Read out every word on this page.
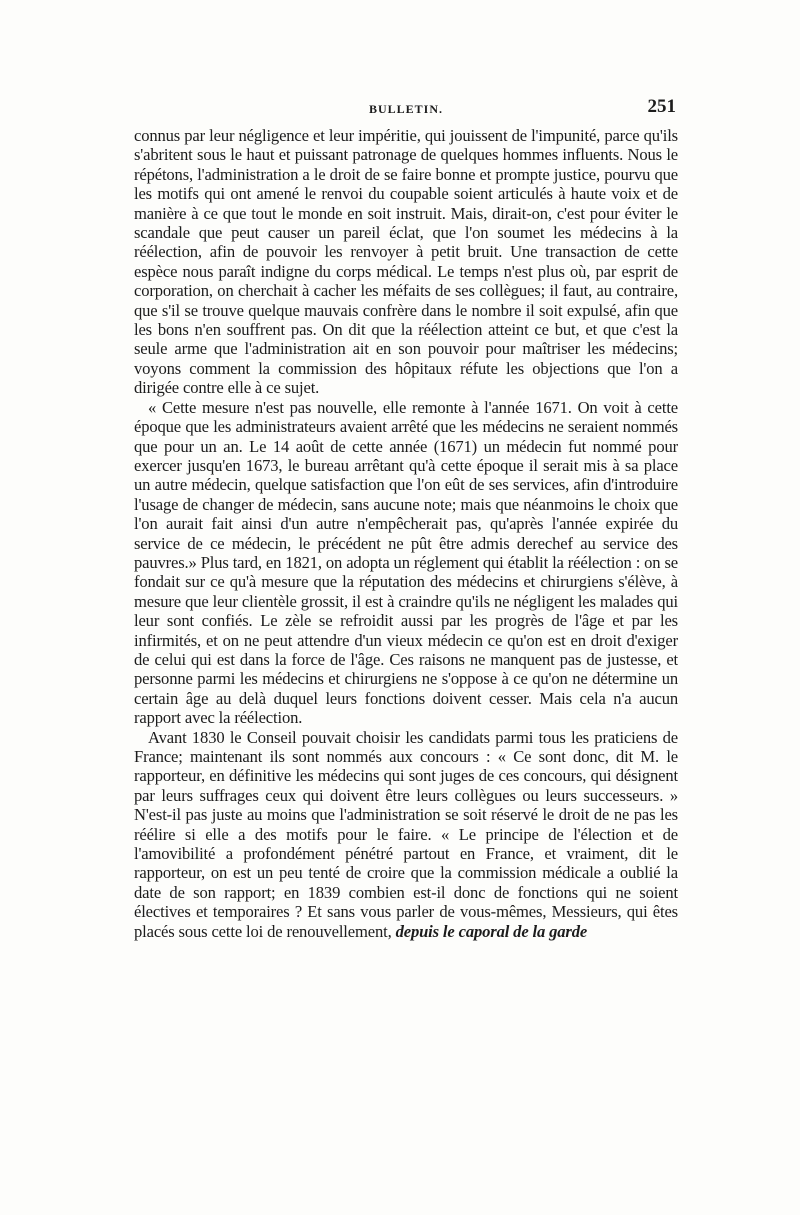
BULLETIN.	251

connus par leur négligence et leur impéritie, qui jouissent de l'impunité, parce qu'ils s'abritent sous le haut et puissant patronage de quelques hommes influents. Nous le répétons, l'administration a le droit de se faire bonne et prompte justice, pourvu que les motifs qui ont amené le renvoi du coupable soient articulés à haute voix et de manière à ce que tout le monde en soit instruit. Mais, dirait-on, c'est pour éviter le scandale que peut causer un pareil éclat, que l'on soumet les médecins à la réélection, afin de pouvoir les renvoyer à petit bruit. Une transaction de cette espèce nous paraît indigne du corps médical. Le temps n'est plus où, par esprit de corporation, on cherchait à cacher les méfaits de ses collègues; il faut, au contraire, que s'il se trouve quelque mauvais confrère dans le nombre il soit expulsé, afin que les bons n'en souffrent pas. On dit que la réélection atteint ce but, et que c'est la seule arme que l'administration ait en son pouvoir pour maîtriser les médecins; voyons comment la commission des hôpitaux réfute les objections que l'on a dirigée contre elle à ce sujet.

« Cette mesure n'est pas nouvelle, elle remonte à l'année 1671. On voit à cette époque que les administrateurs avaient arrêté que les médecins ne seraient nommés que pour un an. Le 14 août de cette année (1671) un médecin fut nommé pour exercer jusqu'en 1673, le bureau arrêtant qu'à cette époque il serait mis à sa place un autre médecin, quelque satisfaction que l'on eût de ses services, afin d'introduire l'usage de changer de médecin, sans aucune note; mais que néanmoins le choix que l'on aurait fait ainsi d'un autre n'empêcherait pas, qu'après l'année expirée du service de ce médecin, le précédent ne pût être admis derechef au service des pauvres.» Plus tard, en 1821, on adopta un réglement qui établit la réélection : on se fondait sur ce qu'à mesure que la réputation des médecins et chirurgiens s'élève, à mesure que leur clientèle grossit, il est à craindre qu'ils ne négligent les malades qui leur sont confiés. Le zèle se refroidit aussi par les progrès de l'âge et par les infirmités, et on ne peut attendre d'un vieux médecin ce qu'on est en droit d'exiger de celui qui est dans la force de l'âge. Ces raisons ne manquent pas de justesse, et personne parmi les médecins et chirurgiens ne s'oppose à ce qu'on ne détermine un certain âge au delà duquel leurs fonctions doivent cesser. Mais cela n'a aucun rapport avec la réélection.

Avant 1830 le Conseil pouvait choisir les candidats parmi tous les praticiens de France; maintenant ils sont nommés aux concours : « Ce sont donc, dit M. le rapporteur, en définitive les médecins qui sont juges de ces concours, qui désignent par leurs suffrages ceux qui doivent être leurs collègues ou leurs successeurs. » N'est-il pas juste au moins que l'administration se soit réservé le droit de ne pas les réélire si elle a des motifs pour le faire. « Le principe de l'élection et de l'amovibilité a profondément pénétré partout en France, et vraiment, dit le rapporteur, on est un peu tenté de croire que la commission médicale a oublié la date de son rapport; en 1839 combien est-il donc de fonctions qui ne soient électives et temporaires ? Et sans vous parler de vous-mêmes, Messieurs, qui êtes placés sous cette loi de renouvellement, depuis le caporal de la garde
